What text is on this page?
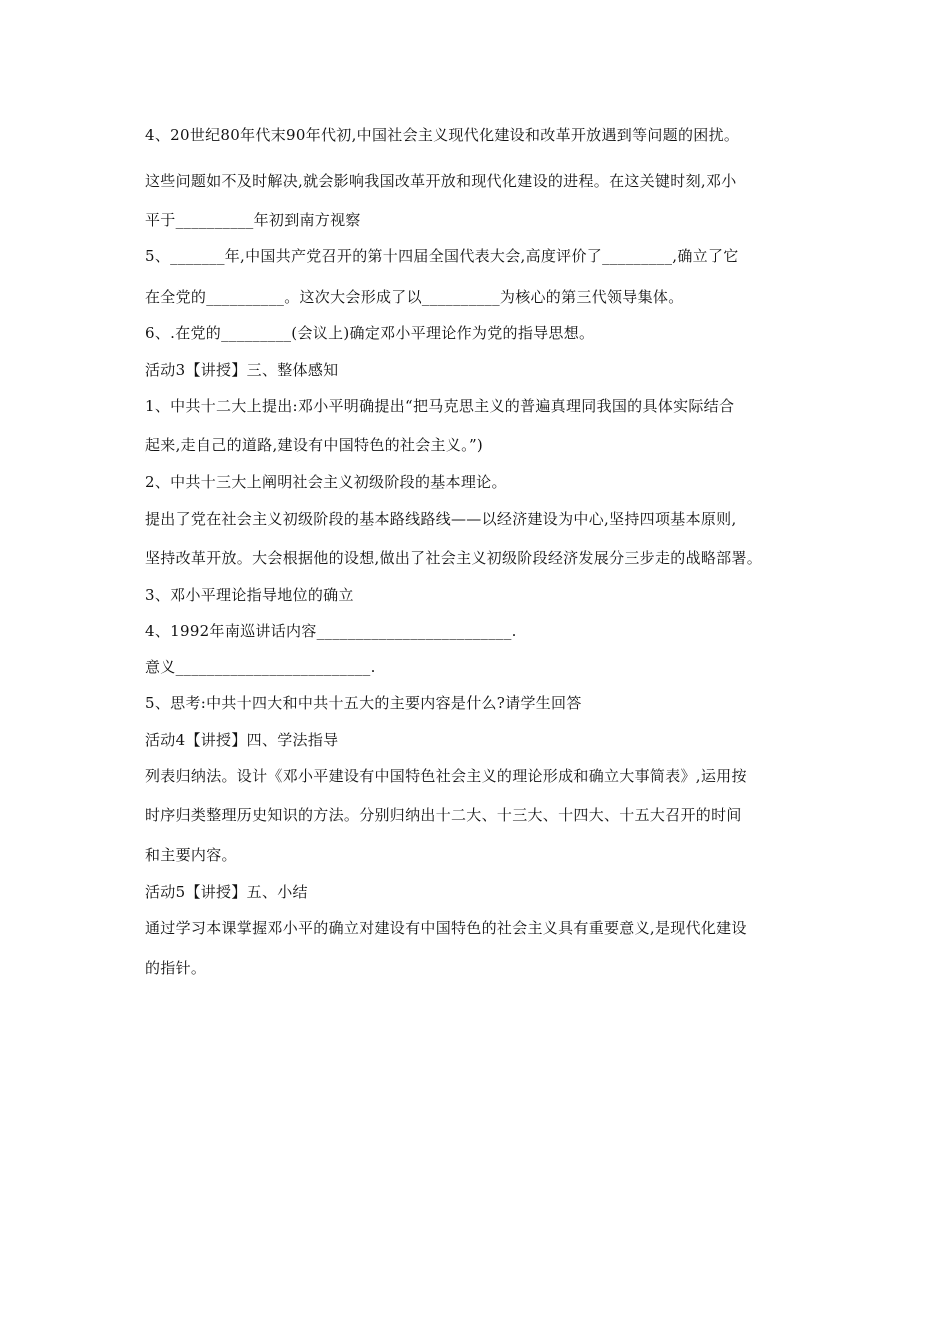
4、20世纪80年代末90年代初,中国社会主义现代化建设和改革开放遇到等问题的困扰。
这些问题如不及时解决,就会影响我国改革开放和现代化建设的进程。在这关键时刻,邓小
平于__________年初到南方视察
5、_______年,中国共产党召开的第十四届全国代表大会,高度评价了_________,确立了它
在全党的__________。这次大会形成了以__________为核心的第三代领导集体。
6、.在党的_________(会议上)确定邓小平理论作为党的指导思想。
活动3【讲授】三、整体感知
1、中共十二大上提出:邓小平明确提出“把马克思主义的普遍真理同我国的具体实际结合
起来,走自己的道路,建设有中国特色的社会主义。”)
2、中共十三大上阐明社会主义初级阶段的基本理论。
提出了党在社会主义初级阶段的基本路线路线——以经济建设为中心,坚持四项基本原则,
坚持改革开放。大会根据他的设想,做出了社会主义初级阶段经济发展分三步走的战略部署。
3、邓小平理论指导地位的确立
4、1992年南巡讲话内容_________________________.
意义_________________________.
5、思考:中共十四大和中共十五大的主要内容是什么?请学生回答
活动4【讲授】四、学法指导
列表归纳法。设计《邓小平建设有中国特色社会主义的理论形成和确立大事简表》,运用按
时序归类整理历史知识的方法。分别归纳出十二大、十三大、十四大、十五大召开的时间
和主要内容。
活动5【讲授】五、小结
通过学习本课掌握邓小平的确立对建设有中国特色的社会主义具有重要意义,是现代化建设
的指针。
